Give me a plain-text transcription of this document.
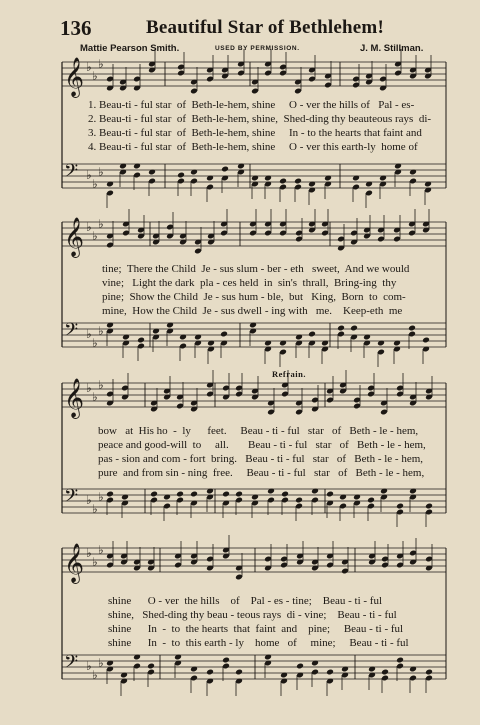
136	Beautiful Star of Bethlehem!
Mattie Pearson Smith.	USED BY PERMISSION.	J. M. Stillman.
𝄞 ♭
♭
♭
𝄢 ♭
♭
♭
𝄞 ♭
♭
♭
𝄢 ♭
♭
♭
𝄞 ♭
♭
♭
𝄢 ♭
♭
♭
𝄞 ♭
♭
♭
𝄢 ♭
♭
♭

1. Beau-ti - ful star  of  Beth-le-hem, shine     O - ver the hills of   Pal - es-

2. Beau-ti - ful star  of  Beth-le-hem, shine,  Shed-ding thy beauteous rays  di-

3. Beau-ti - ful star  of  Beth-le-hem, shine     In - to the hearts that faint and

4. Beau-ti - ful star  of  Beth-le-hem, shine     O - ver this earth-ly  home of

tine;  There the Child  Je - sus slum - ber - eth   sweet,  And we would

vine;   Light the dark  pla - ces held  in  sin's  thrall,  Bring-ing  thy

pine;  Show the Child  Je - sus hum - ble,  but   King,  Born  to  com-

mine,  How the Child  Je - sus dwell - ing with   me.    Keep-eth  me

Refrain.

bow   at  His ho  -  ly      feet.     Beau - ti - ful   star   of   Beth - le - hem,

peace and good-will  to     all.       Beau - ti - ful   star   of   Beth - le - hem,

pas - sion and com - fort  bring.   Beau - ti - ful   star   of   Beth - le - hem,

pure  and from sin - ning  free.     Beau - ti - ful   star   of   Beth - le - hem,

shine      O - ver  the hills    of    Pal - es - tine;    Beau - ti - ful

shine,   Shed-ding thy beau - teous rays  di - vine;    Beau - ti - ful

shine      In  -  to  the hearts  that  faint  and    pine;     Beau - ti - ful

shine      In  -  to  this earth - ly    home   of     mine;     Beau - ti - ful
